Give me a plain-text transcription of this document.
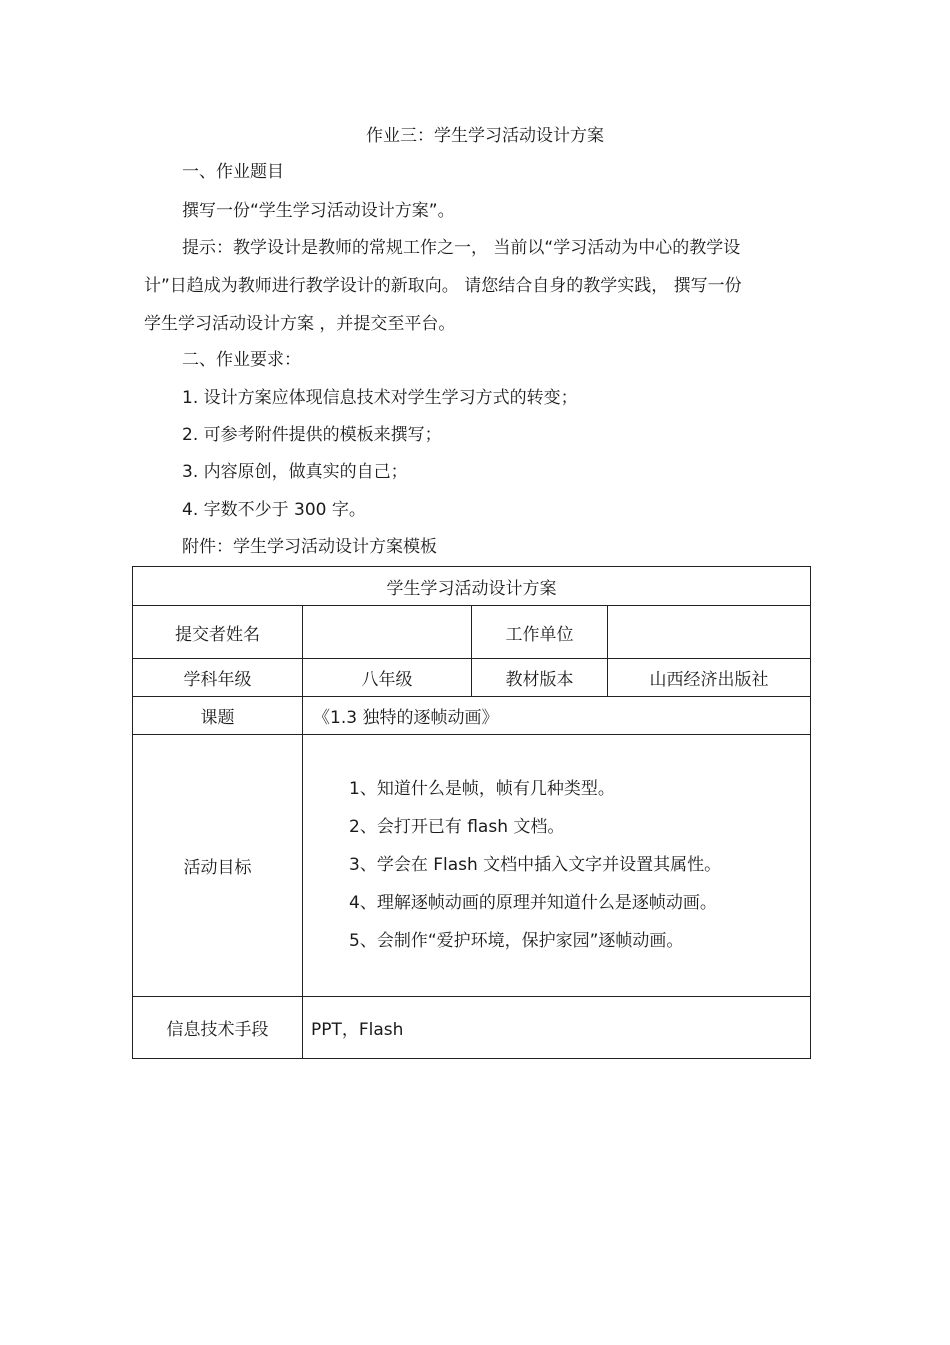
作业三：学生学习活动设计方案
一、作业题目
撰写一份“学生学习活动设计方案”。
提示：教学设计是教师的常规工作之一， 当前以“学习活动为中心的教学设
计”日趋成为教师进行教学设计的新取向。 请您结合自身的教学实践， 撰写一份
学生学习活动设计方案 ，并提交至平台。
二、作业要求：
1. 设计方案应体现信息技术对学生学习方式的转变；
2. 可参考附件提供的模板来撰写；
3. 内容原创，做真实的自己；
4. 字数不少于 300 字。
附件：学生学习活动设计方案模板
学生学习活动设计方案			
提交者姓名		工作单位	
学科年级	八年级	教材版本	山西经济出版社
课题	《1.3 独特的逐帧动画》		
活动目标	1、知道什么是帧，帧有几种类型。
2、会打开已有 flash 文档。
3、学会在 Flash 文档中插入文字并设置其属性。
4、理解逐帧动画的原理并知道什么是逐帧动画。
5、会制作“爱护环境，保护家园”逐帧动画。		

信息技术手段	PPT，Flash		
